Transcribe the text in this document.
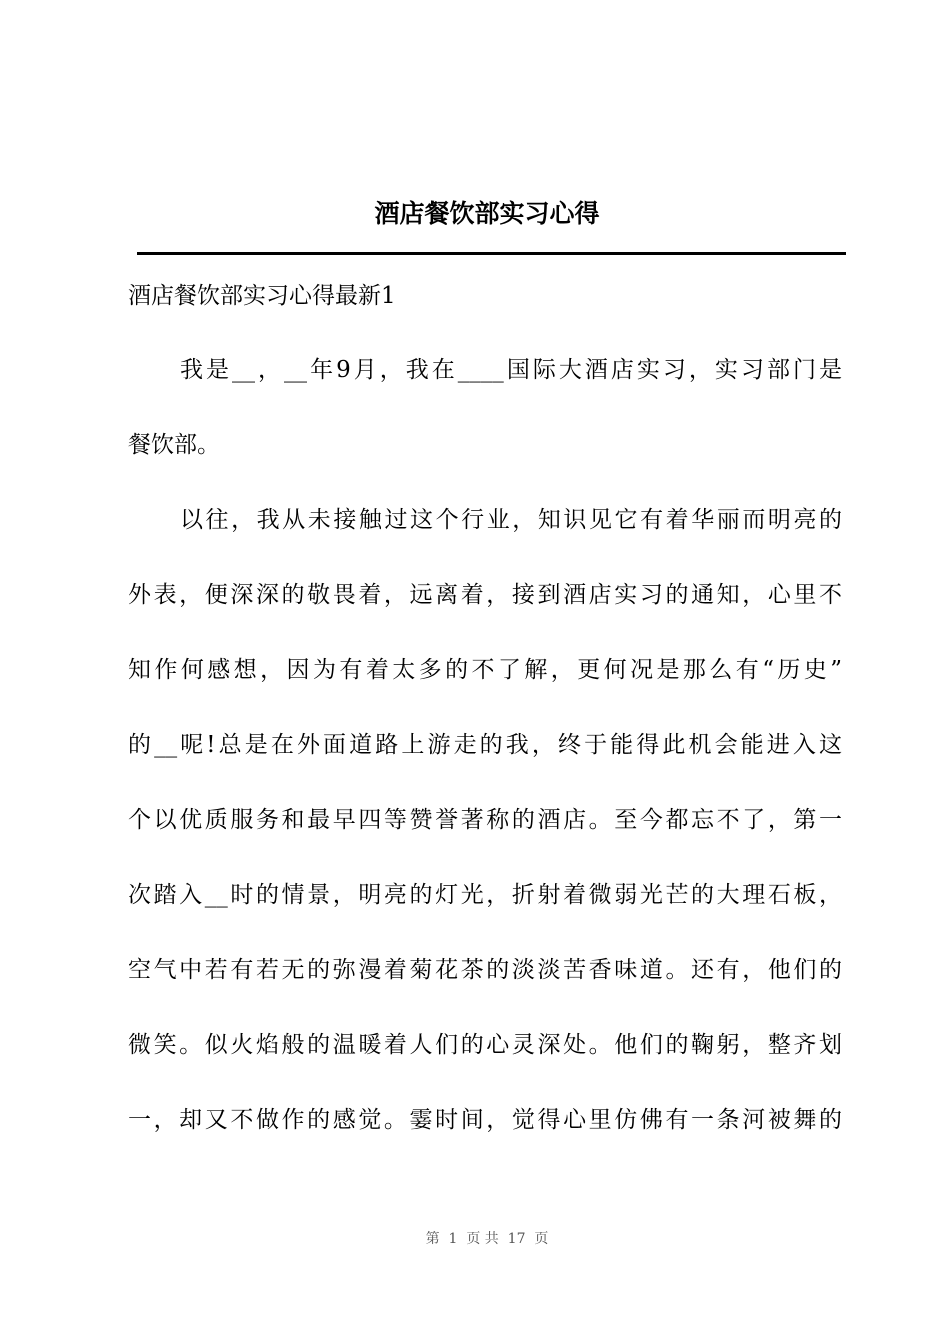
酒店餐饮部实习心得

酒店餐饮部实习心得最新1

我是__，__年9月，我在____国际大酒店实习，实习部门是

餐饮部。

以往，我从未接触过这个行业，知识见它有着华丽而明亮的

外表，便深深的敬畏着，远离着，接到酒店实习的通知，心里不

知作何感想，因为有着太多的不了解，更何况是那么有“历史”

的__呢!总是在外面道路上游走的我，终于能得此机会能进入这

个以优质服务和最早四等赞誉著称的酒店。至今都忘不了，第一

次踏入__时的情景，明亮的灯光，折射着微弱光芒的大理石板，

空气中若有若无的弥漫着菊花茶的淡淡苦香味道。还有，他们的

微笑。似火焰般的温暖着人们的心灵深处。他们的鞠躬，整齐划

一，却又不做作的感觉。霎时间，觉得心里仿佛有一条河被舞的

第  1  页 共  17  页
